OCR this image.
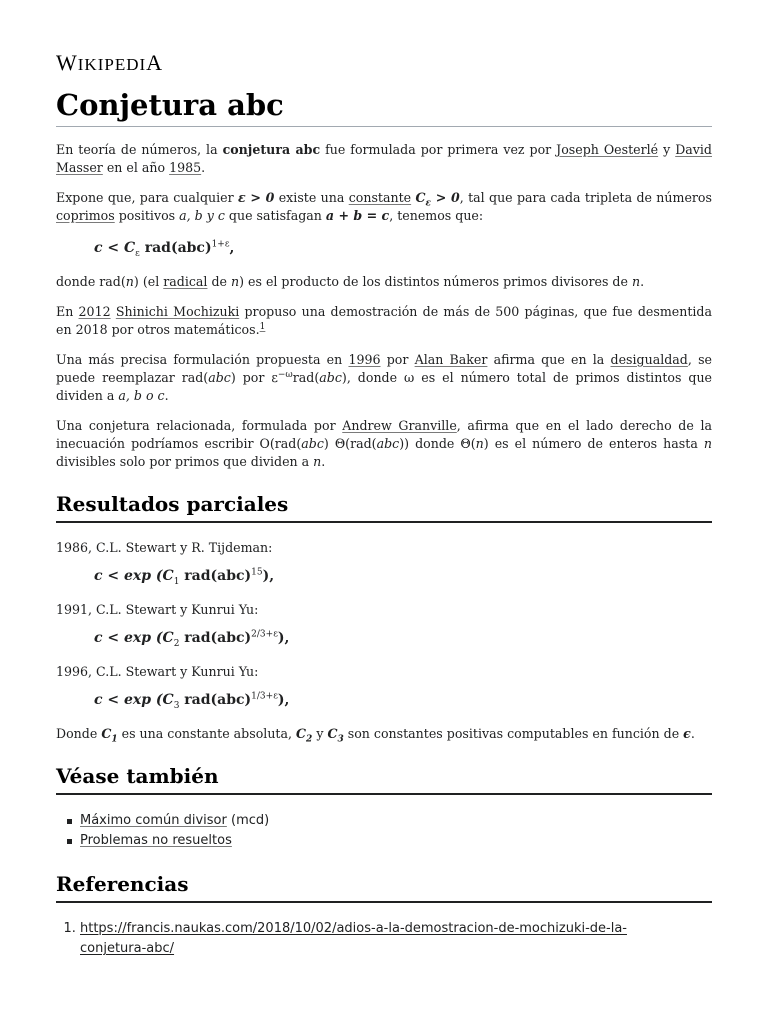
WIKIPEDIA
Conjetura abc

En teoría de números, la conjetura abc fue formulada por primera vez por Joseph Oesterlé y David Masser en el año 1985.

Expone que, para cualquier ε > 0 existe una constante $C_\varepsilon > 0$, tal que para cada tripleta de números coprimos positivos a, b y c que satisfagan a + b = c, tenemos que:

$c < C_\varepsilon$ rad(abc)$^{1+\varepsilon}$,

donde rad(n) (el radical de n) es el producto de los distintos números primos divisores de n.

En 2012 Shinichi Mochizuki propuso una demostración de más de 500 páginas, que fue desmentida en 2018 por otros matemáticos.$^1$

Una más precisa formulación propuesta en 1996 por Alan Baker afirma que en la desigualdad, se puede reemplazar rad(abc) por $\varepsilon^{-\omega}rad(abc)$, donde ω es el número total de primos distintos que dividen a a, b o c.

Una conjetura relacionada, formulada por Andrew Granville, afirma que en el lado derecho de la inecuación podríamos escribir O(rad(abc) Θ(rad(abc)) donde Θ(n) es el número de enteros hasta n divisibles solo por primos que dividen a n.

Resultados parciales
1986, C.L. Stewart y R. Tijdeman:
$c < \exp (C_1$ rad(abc)$^{15}$),
1991, C.L. Stewart y Kunrui Yu:
$c < \exp (C_2$ rad(abc)$^{2/3+\varepsilon}$),
1996, C.L. Stewart y Kunrui Yu:
$c < \exp (C_3$ rad(abc)$^{1/3+\varepsilon}$),

Donde $C_1$ es una constante absoluta, $C_2$ y $C_3$ son constantes positivas computables en función de ϵ.

Véase también
Máximo común divisor (mcd)
Problemas no resueltos
Referencias
1. https://francis.naukas.com/2018/10/02/adios-a-la-demostracion-de-mochizuki-de-la-
conjetura-abc/
